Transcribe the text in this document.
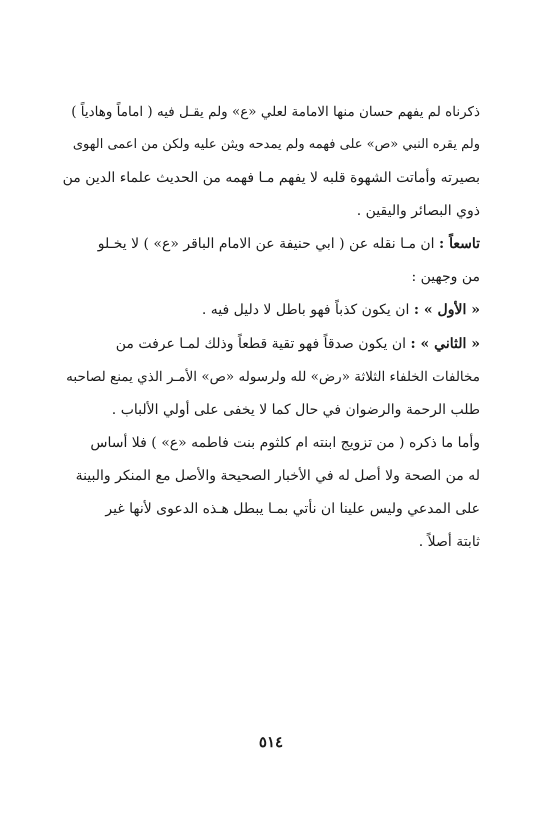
ذكرناه لم يفهم حسان منها الامامة لعلي «ع» ولم يقـل فيه ( اماماً وهادياً )
ولم يقره النبي «ص» على فهمه ولم يمدحه ويثن عليه ولكن من اعمى الهوى
بصيرته وأماتت الشهوة قلبه لا يفهم مـا فهمه من الحديث علماء الدين من
ذوي البصائر واليقين .
تاسعاً : ان مـا نقله عن ( ابي حنيفة عن الامام الباقر «ع» ) لا يخـلو
من وجهين :
« الأول » : ان يكون كذباً فهو باطل لا دليل فيه .
« الثاني » : ان يكون صدقاً فهو تقية قطعاً وذلك لمـا عرفت من
مخالفات الخلفاء الثلاثة «رض» لله ولرسوله «ص» الأمـر الذي يمنع لصاحبه
طلب الرحمة والرضوان في حال كما لا يخفى على أولي الألباب .
وأما ما ذكره ( من تزويج ابنته ام كلثوم بنت فاطمه «ع» ) فلا أساس
له من الصحة ولا أصل له في الأخبار الصحيحة والأصل مع المنكر والبينة
على المدعي وليس علينا ان نأتي بمـا يبطل هـذه الدعوى لأنها غير
ثابتة أصلاً .
٥١٤
